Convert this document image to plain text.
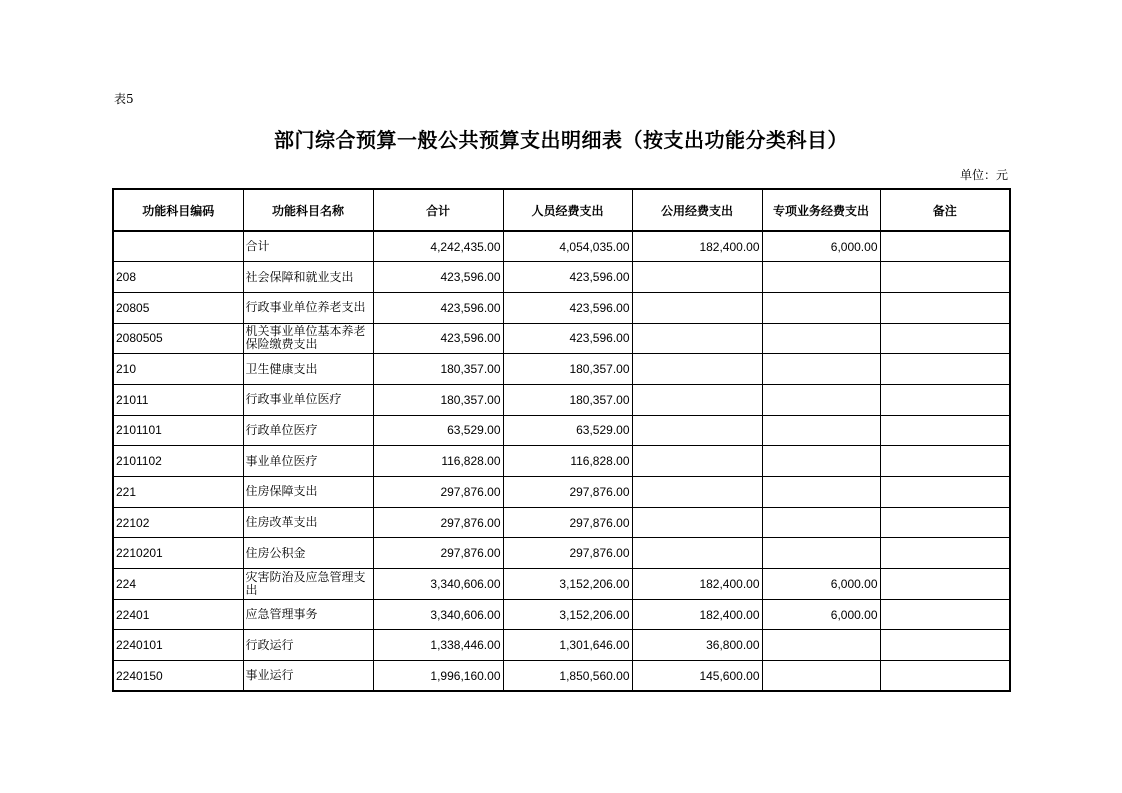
表5
部门综合预算一般公共预算支出明细表（按支出功能分类科目）
单位：元
功能科目编码	功能科目名称	合计	人员经费支出	公用经费支出	专项业务经费支出	备注

	合计	4,242,435.00	4,054,035.00	182,400.00	6,000.00	
208	社会保障和就业支出	423,596.00	423,596.00			
20805	行政事业单位养老支出	423,596.00	423,596.00			
2080505	机关事业单位基本养老保险缴费支出	423,596.00	423,596.00			
210	卫生健康支出	180,357.00	180,357.00			
21011	行政事业单位医疗	180,357.00	180,357.00			
2101101	行政单位医疗	63,529.00	63,529.00			
2101102	事业单位医疗	116,828.00	116,828.00			
221	住房保障支出	297,876.00	297,876.00			
22102	住房改革支出	297,876.00	297,876.00			
2210201	住房公积金	297,876.00	297,876.00			
224	灾害防治及应急管理支出	3,340,606.00	3,152,206.00	182,400.00	6,000.00	
22401	应急管理事务	3,340,606.00	3,152,206.00	182,400.00	6,000.00	
2240101	行政运行	1,338,446.00	1,301,646.00	36,800.00		
2240150	事业运行	1,996,160.00	1,850,560.00	145,600.00		
